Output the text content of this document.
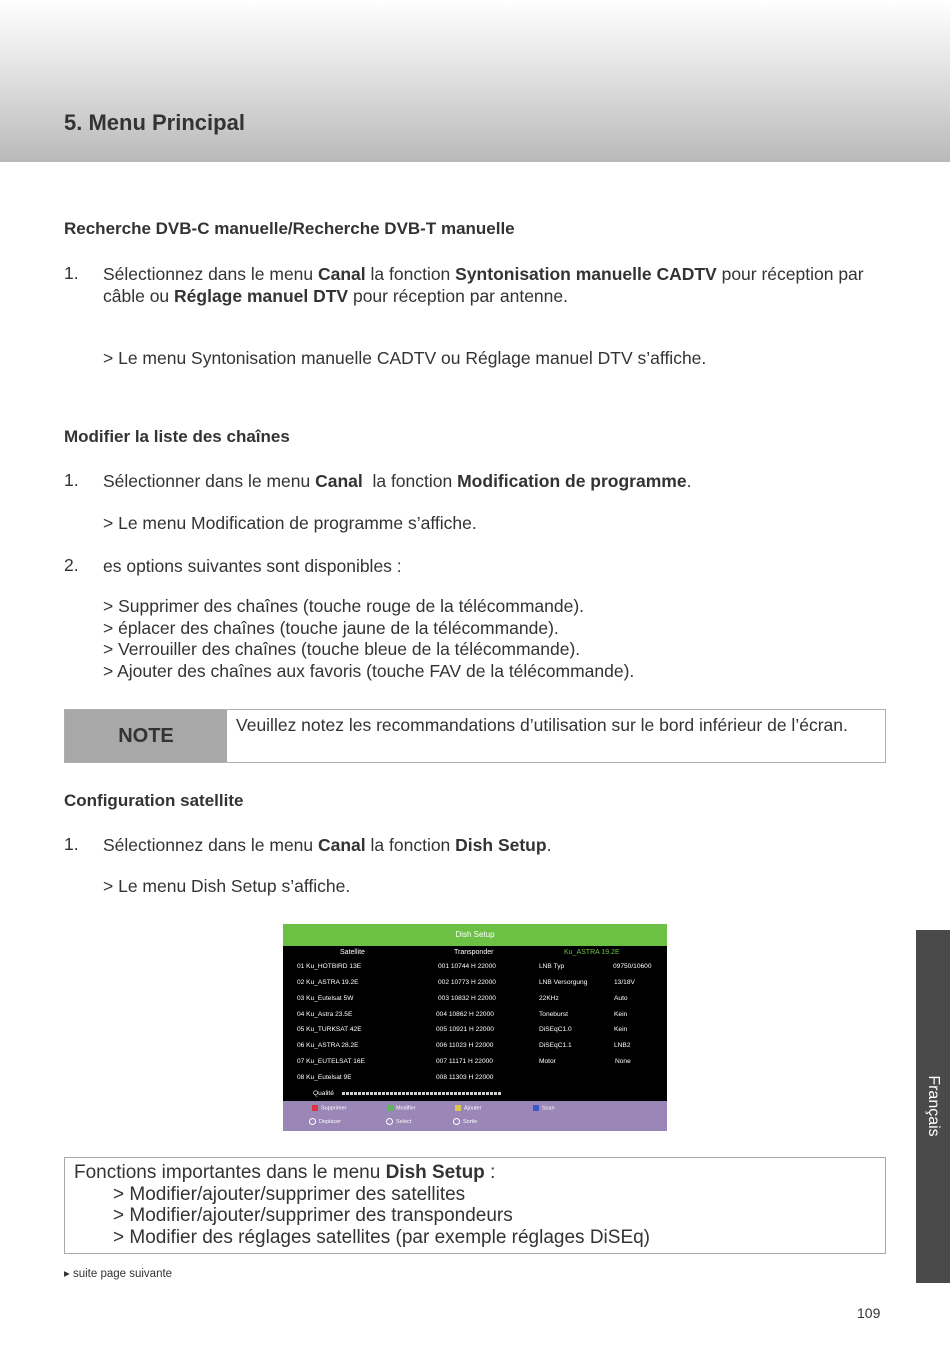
5. Menu Principal
Recherche DVB-C manuelle/Recherche DVB-T manuelle
1. Sélectionnez dans le menu Canal la fonction Syntonisation manuelle CADTV pour réception par câble ou Réglage manuel DTV pour réception par antenne.
> Le menu Syntonisation manuelle CADTV ou Réglage manuel DTV s’affiche.
Modifier la liste des chaînes
1. Sélectionner dans le menu Canal  la fonction Modification de programme.
> Le menu Modification de programme s’affiche.
2. es options suivantes sont disponibles :
> Supprimer des chaînes (touche rouge de la télécommande).
> éplacer des chaînes (touche jaune de la télécommande).
> Verrouiller des chaînes (touche bleue de la télécommande).
> Ajouter des chaînes aux favoris (touche FAV de la télécommande).
NOTE	Veuillez notez les recommandations d’utilisation sur le bord inférieur de l’écran.
Configuration satellite
1. Sélectionnez dans le menu Canal la fonction Dish Setup.
> Le menu Dish Setup s’affiche.
Dish Setup
Satellite	Transponder	Ku_ASTRA 19.2E
01 Ku_HOTBIRD 13E	001 10744 H 22000	LNB Typ	09750/10600
02 Ku_ASTRA 19.2E	002 10773 H 22000	LNB Versorgung	13/18V
03 Ku_Eutelsat 5W	003 10832 H 22000	22KHz	Auto
04 Ku_Astra 23.5E	004 10862 H 22000	Toneburst	Kein
05 Ku_TURKSAT 42E	005 10921 H 22000	DiSEqC1.0	Kein
06 Ku_ASTRA 28.2E	006 11023 H 22000	DiSEqC1.1	LNB2
07 Ku_EUTELSAT 16E	007 11171 H 22000	Motor	None
08 Ku_Eutelsat 9E	008 11303 H 22000
Qualité
Supprimer	Modifier	Ajouter	Scan
Deplacer	Select	Sortie
Fonctions importantes dans le menu Dish Setup :
> Modifier/ajouter/supprimer des satellites
> Modifier/ajouter/supprimer des transpondeurs
> Modifier des réglages satellites (par exemple réglages DiSEq)
▸ suite page suivante
109
Français
